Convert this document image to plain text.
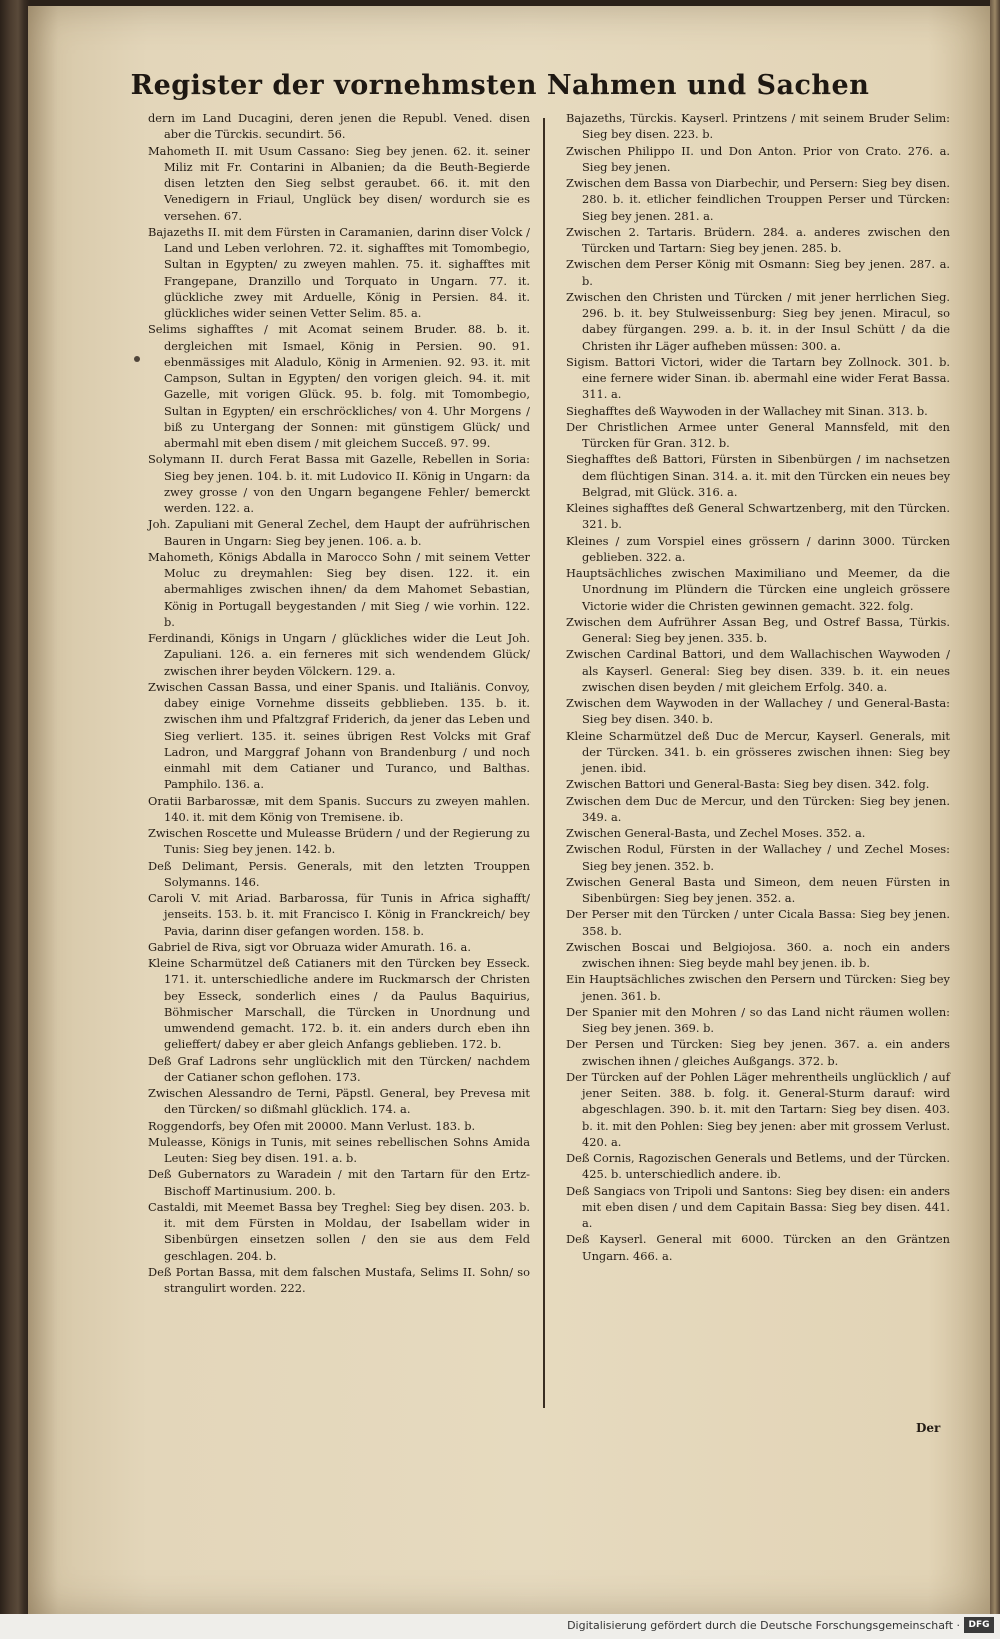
Register der vornehmsten Nahmen und Sachen

dern im Land Ducagini, deren jenen die Republ. Vened. disen aber die Türckis. secundirt. 56.

Mahometh II. mit Usum Cassano: Sieg bey jenen. 62. it. seiner Miliz mit Fr. Contarini in Albanien; da die Beuth-Begierde disen letzten den Sieg selbst geraubet. 66. it. mit den Venedigern in Friaul, Unglück bey disen/ wordurch sie es versehen. 67.

Bajazeths II. mit dem Fürsten in Caramanien, darinn diser Volck / Land und Leben verlohren. 72. it. sighafftes mit Tomombegio, Sultan in Egypten/ zu zweyen mahlen. 75. it. sighafftes mit Frangepane, Dranzillo und Torquato in Ungarn. 77. it. glückliche zwey mit Arduelle, König in Persien. 84. it. glückliches wider seinen Vetter Selim. 85. a.

Selims sighafftes / mit Acomat seinem Bruder. 88. b. it. dergleichen mit Ismael, König in Persien. 90. 91. ebenmässiges mit Aladulo, König in Armenien. 92. 93. it. mit Campson, Sultan in Egypten/ den vorigen gleich. 94. it. mit Gazelle, mit vorigen Glück. 95. b. folg. mit Tomombegio, Sultan in Egypten/ ein erschröckliches/ von 4. Uhr Morgens / biß zu Untergang der Sonnen: mit günstigem Glück/ und abermahl mit eben disem / mit gleichem Succeß. 97. 99.

Solymann II. durch Ferat Bassa mit Gazelle, Rebellen in Soria: Sieg bey jenen. 104. b. it. mit Ludovico II. König in Ungarn: da zwey grosse / von den Ungarn begangene Fehler/ bemerckt werden. 122. a.

Joh. Zapuliani mit General Zechel, dem Haupt der aufrührischen Bauren in Ungarn: Sieg bey jenen. 106. a. b.

Mahometh, Königs Abdalla in Marocco Sohn / mit seinem Vetter Moluc zu dreymahlen: Sieg bey disen. 122. it. ein abermahliges zwischen ihnen/ da dem Mahomet Sebastian, König in Portugall beygestanden / mit Sieg / wie vorhin. 122. b.

Ferdinandi, Königs in Ungarn / glückliches wider die Leut Joh. Zapuliani. 126. a. ein ferneres mit sich wendendem Glück/ zwischen ihrer beyden Völckern. 129. a.

Zwischen Cassan Bassa, und einer Spanis. und Italiänis. Convoy, dabey einige Vornehme disseits gebblieben. 135. b. it. zwischen ihm und Pfaltzgraf Friderich, da jener das Leben und Sieg verliert. 135. it. seines übrigen Rest Volcks mit Graf Ladron, und Marggraf Johann von Brandenburg / und noch einmahl mit dem Catianer und Turanco, und Balthas. Pamphilo. 136. a.

Oratii Barbarossæ, mit dem Spanis. Succurs zu zweyen mahlen. 140. it. mit dem König von Tremisene. ib.

Zwischen Roscette und Muleasse Brüdern / und der Regierung zu Tunis: Sieg bey jenen. 142. b.

Deß Delimant, Persis. Generals, mit den letzten Trouppen Solymanns. 146.

Caroli V. mit Ariad. Barbarossa, für Tunis in Africa sighafft/ jenseits. 153. b. it. mit Francisco I. König in Franckreich/ bey Pavia, darinn diser gefangen worden. 158. b.

Gabriel de Riva, sigt vor Obruaza wider Amurath. 16. a.

Kleine Scharmützel deß Catianers mit den Türcken bey Esseck. 171. it. unterschiedliche andere im Ruckmarsch der Christen bey Esseck, sonderlich eines / da Paulus Baquirius, Böhmischer Marschall, die Türcken in Unordnung und umwendend gemacht. 172. b. it. ein anders durch eben ihn gelieffert/ dabey er aber gleich Anfangs geblieben. 172. b.

Deß Graf Ladrons sehr unglücklich mit den Türcken/ nachdem der Catianer schon geflohen. 173.

Zwischen Alessandro de Terni, Päpstl. General, bey Prevesa mit den Türcken/ so dißmahl glücklich. 174. a.

Roggendorfs, bey Ofen mit 20000. Mann Verlust. 183. b.

Muleasse, Königs in Tunis, mit seines rebellischen Sohns Amida Leuten: Sieg bey disen. 191. a. b.

Deß Gubernators zu Waradein / mit den Tartarn für den Ertz-Bischoff Martinusium. 200. b.

Castaldi, mit Meemet Bassa bey Treghel: Sieg bey disen. 203. b. it. mit dem Fürsten in Moldau, der Isabellam wider in Sibenbürgen einsetzen sollen / den sie aus dem Feld geschlagen. 204. b.

Deß Portan Bassa, mit dem falschen Mustafa, Selims II. Sohn/ so strangulirt worden. 222.

Bajazeths, Türckis. Kayserl. Printzens / mit seinem Bruder Selim: Sieg bey disen. 223. b.

Zwischen Philippo II. und Don Anton. Prior von Crato. 276. a. Sieg bey jenen.

Zwischen dem Bassa von Diarbechir, und Persern: Sieg bey disen. 280. b. it. etlicher feindlichen Trouppen Perser und Türcken: Sieg bey jenen. 281. a.

Zwischen 2. Tartaris. Brüdern. 284. a. anderes zwischen den Türcken und Tartarn: Sieg bey jenen. 285. b.

Zwischen dem Perser König mit Osmann: Sieg bey jenen. 287. a. b.

Zwischen den Christen und Türcken / mit jener herrlichen Sieg. 296. b. it. bey Stulweissenburg: Sieg bey jenen. Miracul, so dabey fürgangen. 299. a. b. it. in der Insul Schütt / da die Christen ihr Läger aufheben müssen: 300. a.

Sigism. Battori Victori, wider die Tartarn bey Zollnock. 301. b. eine fernere wider Sinan. ib. abermahl eine wider Ferat Bassa. 311. a.

Sieghafftes deß Waywoden in der Wallachey mit Sinan. 313. b.

Der Christlichen Armee unter General Mannsfeld, mit den Türcken für Gran. 312. b.

Sieghafftes deß Battori, Fürsten in Sibenbürgen / im nachsetzen dem flüchtigen Sinan. 314. a. it. mit den Türcken ein neues bey Belgrad, mit Glück. 316. a.

Kleines sighafftes deß General Schwartzenberg, mit den Türcken. 321. b.

Kleines / zum Vorspiel eines grössern / darinn 3000. Türcken geblieben. 322. a.

Hauptsächliches zwischen Maximiliano und Meemer, da die Unordnung im Plündern die Türcken eine ungleich grössere Victorie wider die Christen gewinnen gemacht. 322. folg.

Zwischen dem Aufrührer Assan Beg, und Ostref Bassa, Türkis. General: Sieg bey jenen. 335. b.

Zwischen Cardinal Battori, und dem Wallachischen Waywoden / als Kayserl. General: Sieg bey disen. 339. b. it. ein neues zwischen disen beyden / mit gleichem Erfolg. 340. a.

Zwischen dem Waywoden in der Wallachey / und General-Basta: Sieg bey disen. 340. b.

Kleine Scharmützel deß Duc de Mercur, Kayserl. Generals, mit der Türcken. 341. b. ein grösseres zwischen ihnen: Sieg bey jenen. ibid.

Zwischen Battori und General-Basta: Sieg bey disen. 342. folg.

Zwischen dem Duc de Mercur, und den Türcken: Sieg bey jenen. 349. a.

Zwischen General-Basta, und Zechel Moses. 352. a.

Zwischen Rodul, Fürsten in der Wallachey / und Zechel Moses: Sieg bey jenen. 352. b.

Zwischen General Basta und Simeon, dem neuen Fürsten in Sibenbürgen: Sieg bey jenen. 352. a.

Der Perser mit den Türcken / unter Cicala Bassa: Sieg bey jenen. 358. b.

Zwischen Boscai und Belgiojosa. 360. a. noch ein anders zwischen ihnen: Sieg beyde mahl bey jenen. ib. b.

Ein Hauptsächliches zwischen den Persern und Türcken: Sieg bey jenen. 361. b.

Der Spanier mit den Mohren / so das Land nicht räumen wollen: Sieg bey jenen. 369. b.

Der Persen und Türcken: Sieg bey jenen. 367. a. ein anders zwischen ihnen / gleiches Außgangs. 372. b.

Der Türcken auf der Pohlen Läger mehrentheils unglücklich / auf jener Seiten. 388. b. folg. it. General-Sturm darauf: wird abgeschlagen. 390. b. it. mit den Tartarn: Sieg bey disen. 403. b. it. mit den Pohlen: Sieg bey jenen: aber mit grossem Verlust. 420. a.

Deß Cornis, Ragozischen Generals und Betlems, und der Türcken. 425. b. unterschiedlich andere. ib.

Deß Sangiacs von Tripoli und Santons: Sieg bey disen: ein anders mit eben disen / und dem Capitain Bassa: Sieg bey disen. 441. a.

Deß Kayserl. General mit 6000. Türcken an den Gräntzen Ungarn. 466. a.

Der
Digitalisierung gefördert durch die Deutsche Forschungsgemeinschaft · DFG
